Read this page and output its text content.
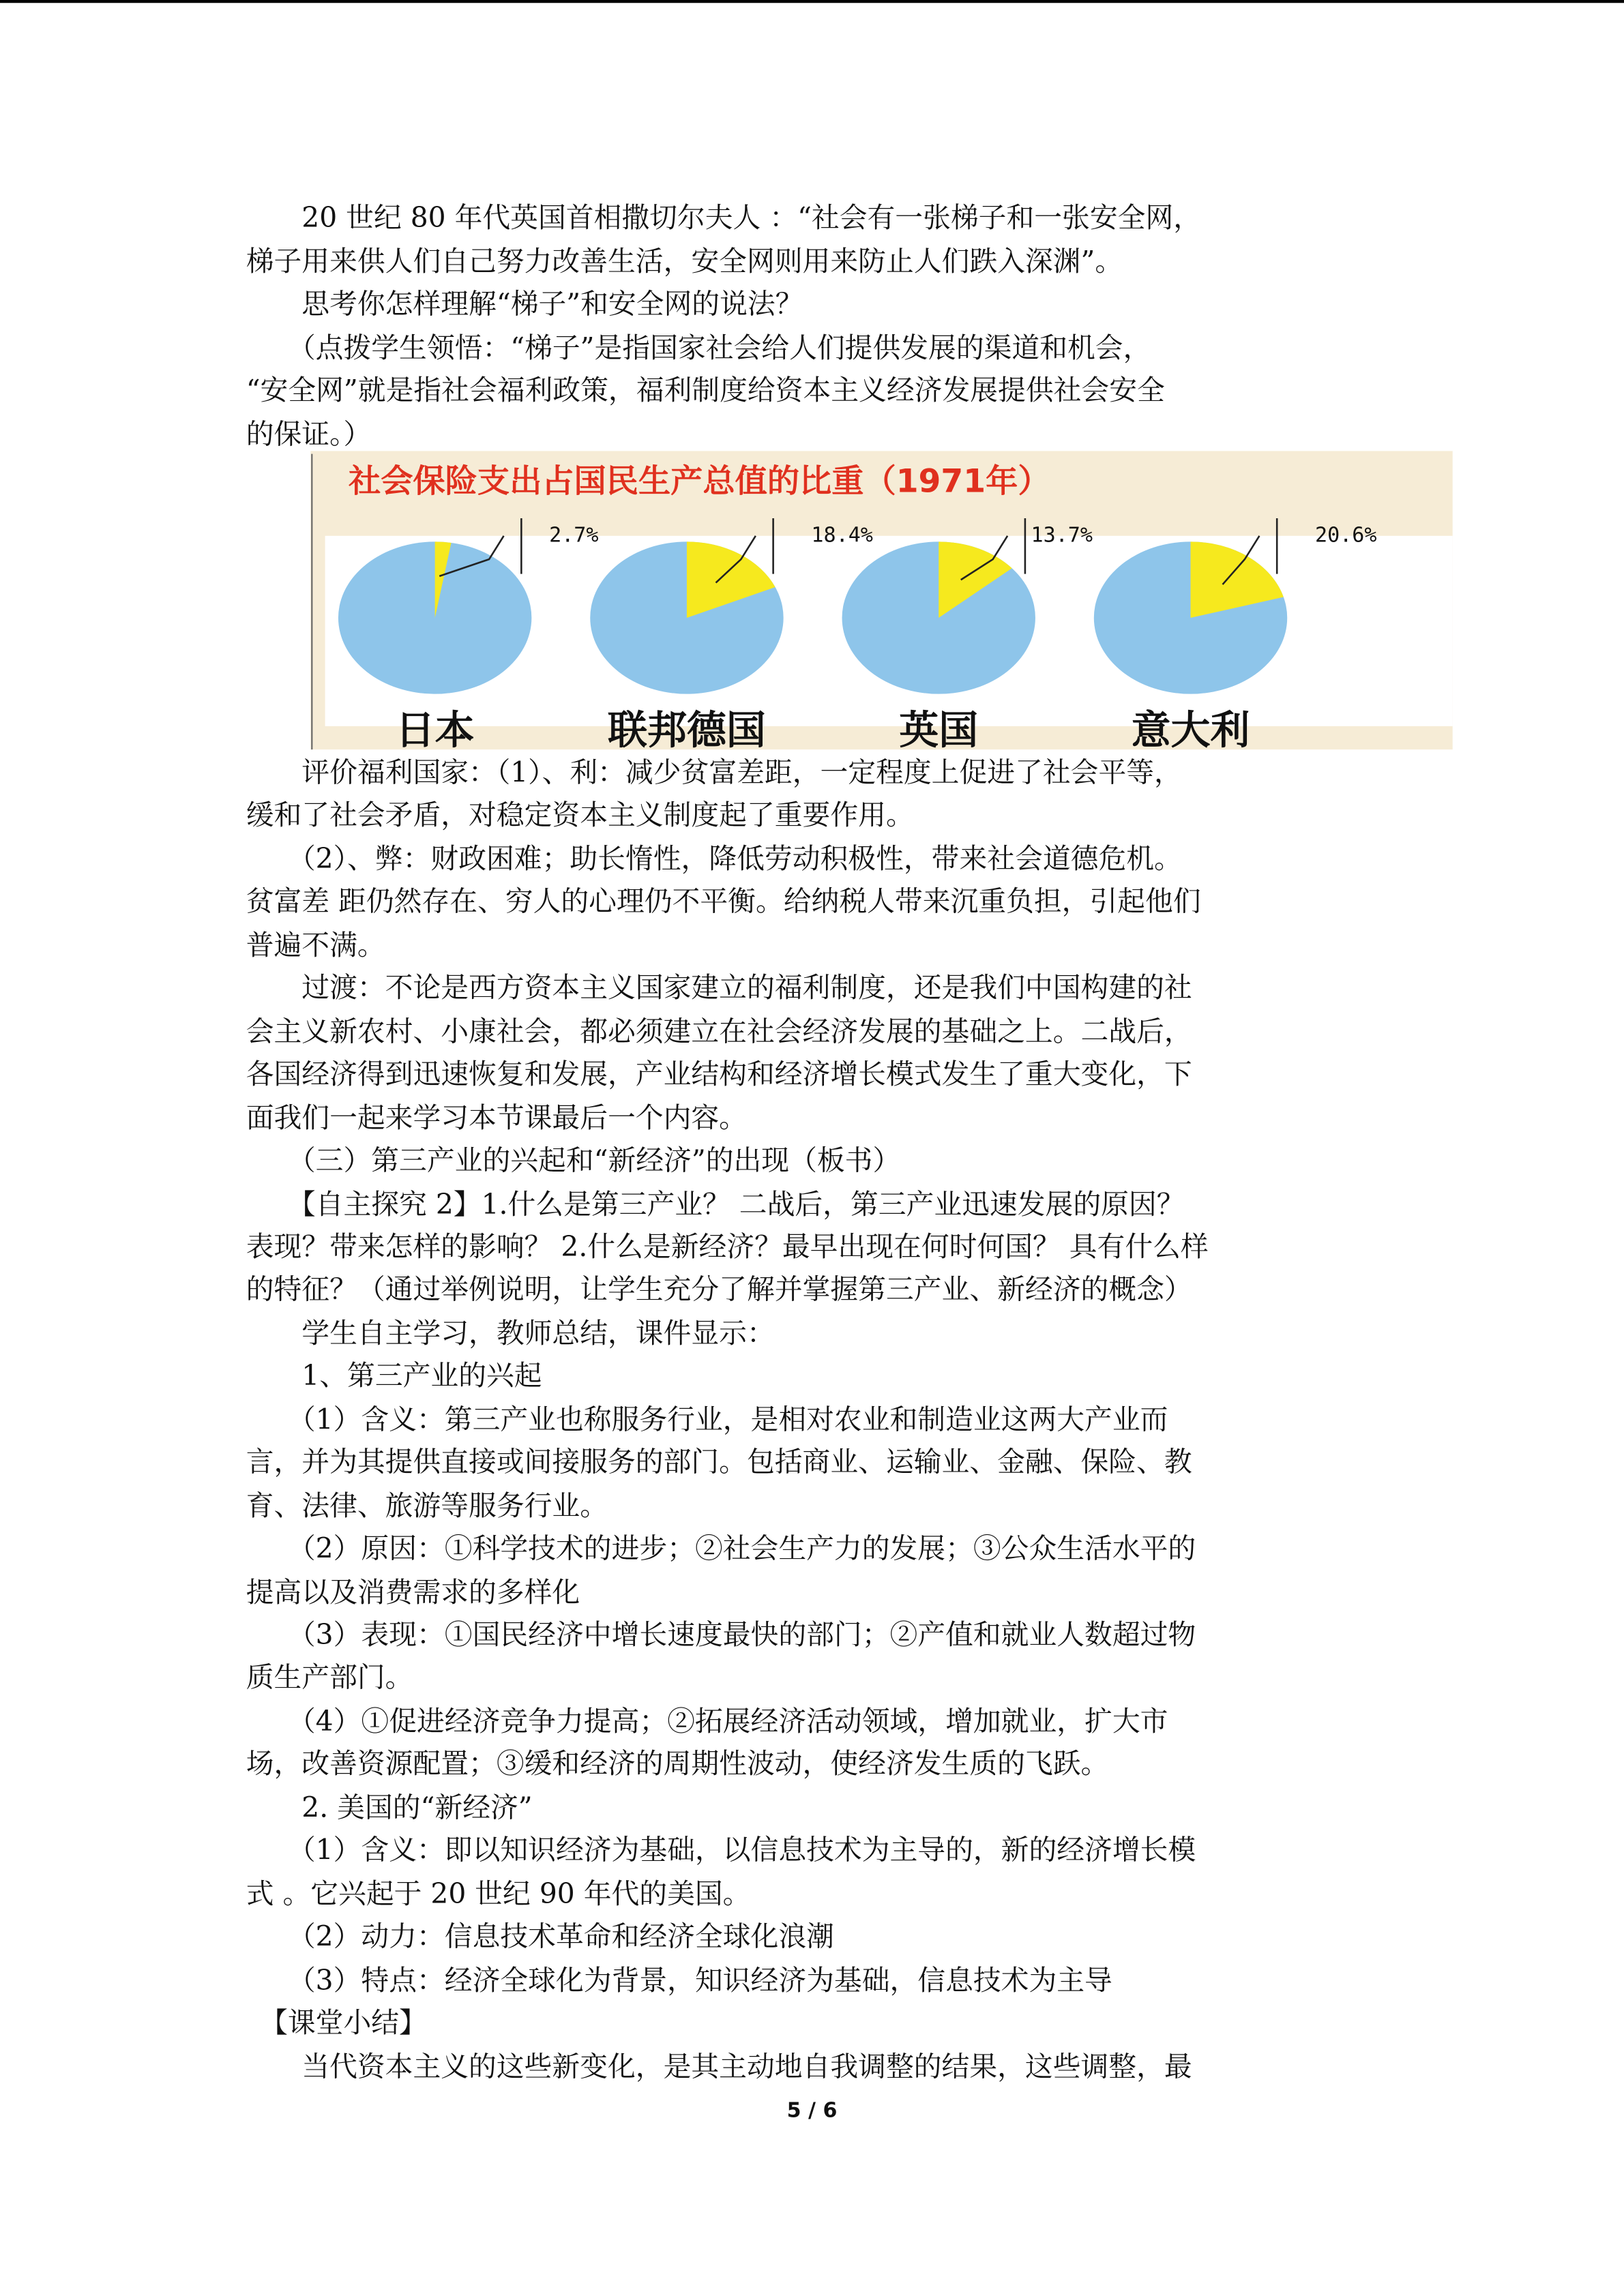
　　20 世纪 80 年代英国首相撒切尔夫人 ：“社会有一张梯子和一张安全网，
梯子用来供人们自己努力改善生活，安全网则用来防止人们跌入深渊”。
　　思考你怎样理解“梯子”和安全网的说法？
　　（点拨学生领悟：“梯子”是指国家社会给人们提供发展的渠道和机会，
“安全网”就是指社会福利政策，福利制度给资本主义经济发展提供社会安全
的保证。）
社会保险支出占国民生产总值的比重（1971年）
2.7%
日本
18.4%
联邦德国
13.7%
英国
20.6%
意大利
　　评价福利国家：（1）、利：减少贫富差距，一定程度上促进了社会平等，
缓和了社会矛盾，对稳定资本主义制度起了重要作用。
　　（2）、弊：财政困难；助长惰性，降低劳动积极性，带来社会道德危机。
贫富差 距仍然存在、穷人的心理仍不平衡。给纳税人带来沉重负担，引起他们
普遍不满。
　　过渡：不论是西方资本主义国家建立的福利制度，还是我们中国构建的社
会主义新农村、小康社会，都必须建立在社会经济发展的基础之上。二战后，
各国经济得到迅速恢复和发展，产业结构和经济增长模式发生了重大变化，下
面我们一起来学习本节课最后一个内容。
　　（三）第三产业的兴起和“新经济”的出现（板书）
　　【自主探究 2】1.什么是第三产业？ 二战后，第三产业迅速发展的原因？
表现？带来怎样的影响？ 2.什么是新经济？最早出现在何时何国？ 具有什么样
的特征？（通过举例说明，让学生充分了解并掌握第三产业、新经济的概念）
　　学生自主学习，教师总结，课件显示：
　　1、第三产业的兴起
　　（1）含义：第三产业也称服务行业，是相对农业和制造业这两大产业而
言，并为其提供直接或间接服务的部门。包括商业、运输业、金融、保险、教
育、法律、旅游等服务行业。
　　（2）原因：①科学技术的进步；②社会生产力的发展；③公众生活水平的
提高以及消费需求的多样化
　　（3）表现：①国民经济中增长速度最快的部门；②产值和就业人数超过物
质生产部门。
　　（4）①促进经济竞争力提高；②拓展经济活动领域，增加就业，扩大市
场，改善资源配置；③缓和经济的周期性波动，使经济发生质的飞跃。
　　2. 美国的“新经济”
　　（1）含义：即以知识经济为基础，以信息技术为主导的，新的经济增长模
式 。它兴起于 20 世纪 90 年代的美国。
　　（2）动力：信息技术革命和经济全球化浪潮
　　（3）特点：经济全球化为背景，知识经济为基础，信息技术为主导
　【课堂小结】
　　当代资本主义的这些新变化，是其主动地自我调整的结果，这些调整，最
5 / 6
